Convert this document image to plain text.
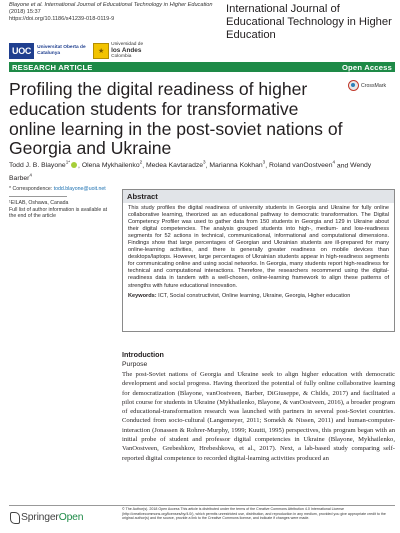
Blayone et al. International Journal of Educational Technology in Higher Education
(2018) 15:37
https://doi.org/10.1186/s41239-018-0119-9
International Journal of Educational Technology in Higher Education
UOC	Universitat Oberta de Catalunya	★
Universidad de
los Andes
Colombia
RESEARCH ARTICLE	Open Access
CrossMark
Profiling the digital readiness of higher education students for transformative online learning in the post-soviet nations of Georgia and Ukraine
Todd J. B. Blayone$^{1*}$ , Olena Mykhailenko$^2$, Medea Kavtaradze$^3$, Marianna Kokhan$^3$, Roland vanOostveen$^4$ and Wendy Barber$^4$
* Correspondence: todd.blayone@uoit.net
¹EILAB, Oshawa, Canada
Full list of author information is available at the end of the article
Abstract
This study profiles the digital readiness of university students in Georgia and Ukraine for fully online collaborative learning, theorized as an educational pathway to democratic transformation. The Digital Competency Profiler was used to gather data from 150 students in Georgia and 129 in Ukraine about their digital competencies. The analysis grouped students into high-, medium- and low-readiness segments for 52 actions in technical, communicational, informational and computational dimensions. Findings show that large percentages of Georgian and Ukrainian students are ill-prepared for many online-learning activities, and there is generally greater readiness on mobile devices than desktops/laptops. However, large percentages of Ukrainian students appear in high-readiness segments for communicating online and using social networks. In Georgia, many students report high-readiness for technical and computational interactions. Therefore, the researchers recommend using the digital-readiness data in tandem with a well-chosen, online-learning framework to align these patterns of strengths with future educational innovation.
Keywords: ICT, Social constructivist, Online learning, Ukraine, Georgia, Higher education
Introduction
Purpose
The post-Soviet nations of Georgia and Ukraine seek to align higher education with democratic development and social progress. Having theorized the potential of fully online collaborative learning for democratization (Blayone, vanOostveen, Barber, DiGiuseppe, & Childs, 2017) and facilitated a pilot course for students in Ukraine (Mykhailenko, Blayone, & vanOostveen, 2016), a broader program of educational-transformation research was launched with partners in several post-Soviet countries. Conducted from socio-cultural (Langemeyer, 2011; Somekh & Nissen, 2011) and human-computer-interaction (Jonassen & Rohrer-Murphy, 1999; Kuutti, 1995) perspectives, this program began with an initial probe of student and professor digital competencies in Ukraine (Blayone, Mykhailenko, VanOostveen, Grebeshkov, Hrebeshkova, et al., 2017). Next, a lab-based study comparing self-reported digital competence to recorded digital-learning activities produced an
SpringerOpen
© The Author(s). 2018 Open Access This article is distributed under the terms of the Creative Commons Attribution 4.0 International License (http://creativecommons.org/licenses/by/4.0/), which permits unrestricted use, distribution, and reproduction in any medium, provided you give appropriate credit to the original author(s) and the source, provide a link to the Creative Commons license, and indicate if changes were made.
